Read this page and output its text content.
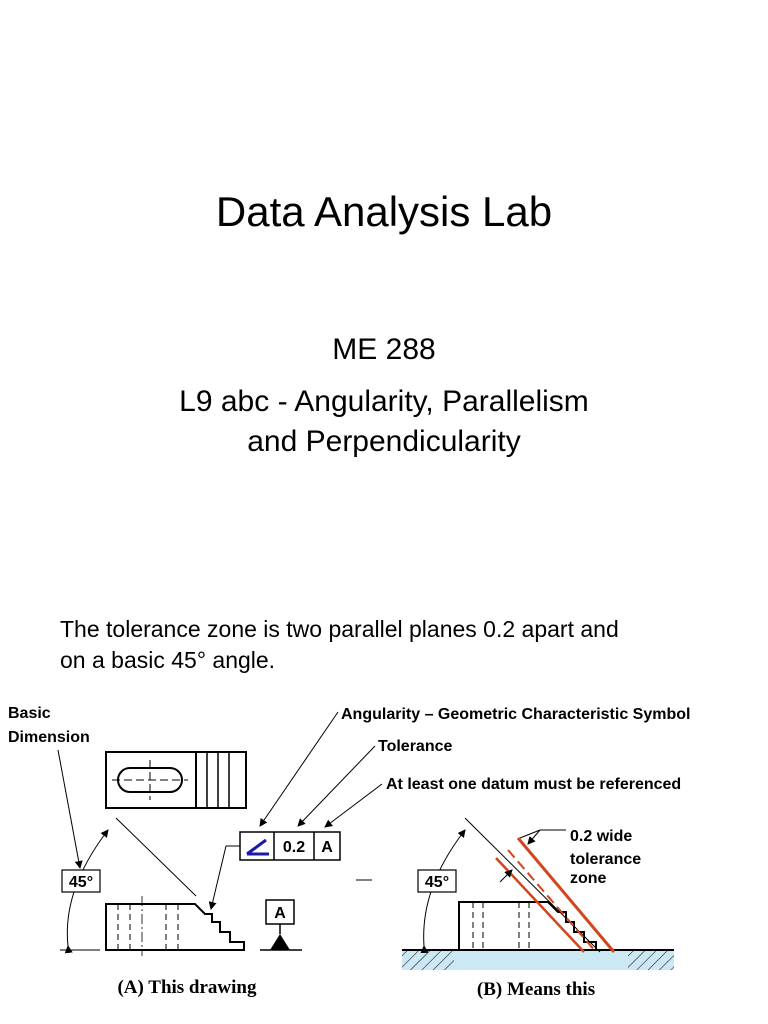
Data Analysis Lab
ME 288
L9 abc - Angularity, Parallelism
and Perpendicularity
The tolerance zone is two parallel planes 0.2 apart and
on a basic 45° angle.
Basic
Dimension
Angularity – Geometric Characteristic Symbol
Tolerance
At least one datum must be referenced
0.2 A
45°
A
45°
0.2 wide
tolerance
zone
(A) This drawing	(B) Means this
